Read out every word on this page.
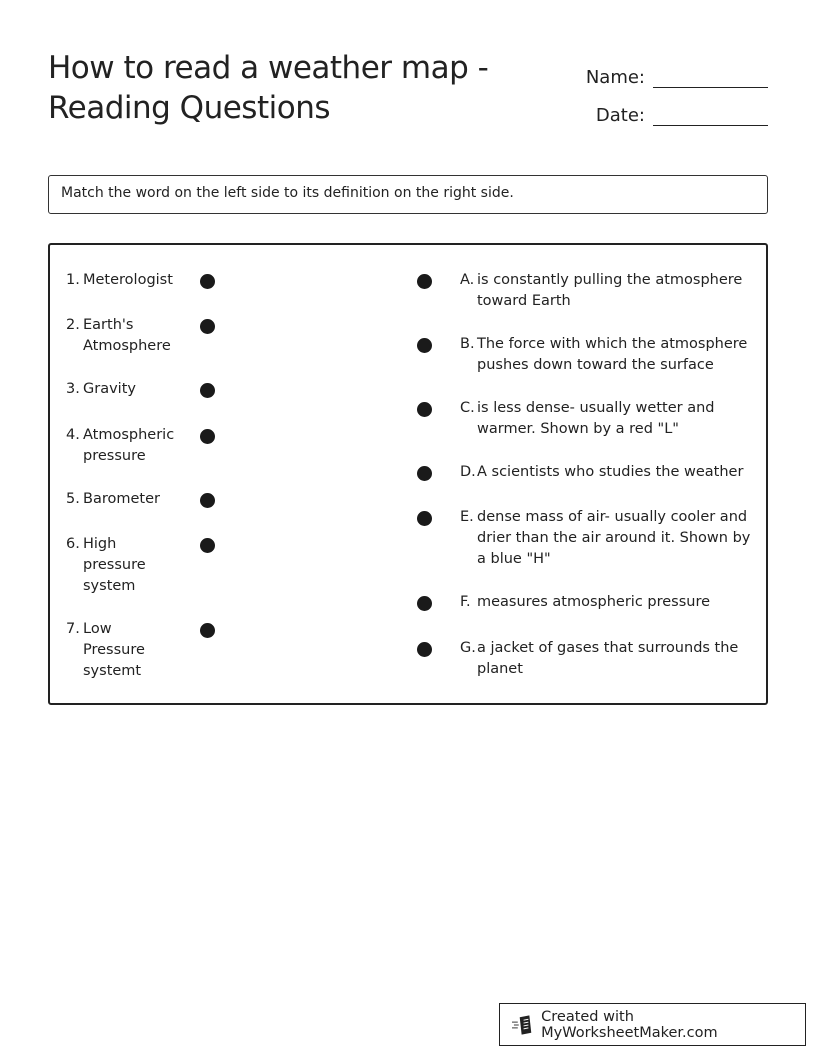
How to read a weather map -
Reading Questions
Name:
Date:
Match the word on the left side to its definition on the right side.
1. Meterologist
2. Earth's Atmosphere
3. Gravity
4. Atmospheric pressure
5. Barometer
6. High pressure system
7. Low Pressure systemt
A. is constantly pulling the atmosphere toward Earth
B. The force with which the atmosphere pushes down toward the surface
C. is less dense- usually wetter and warmer. Shown by a red "L"
D. A scientists who studies the weather
E. dense mass of air- usually cooler and drier than the air around it. Shown by a blue "H"
F. measures atmospheric pressure
G. a jacket of gases that surrounds the planet
Created with MyWorksheetMaker.com
